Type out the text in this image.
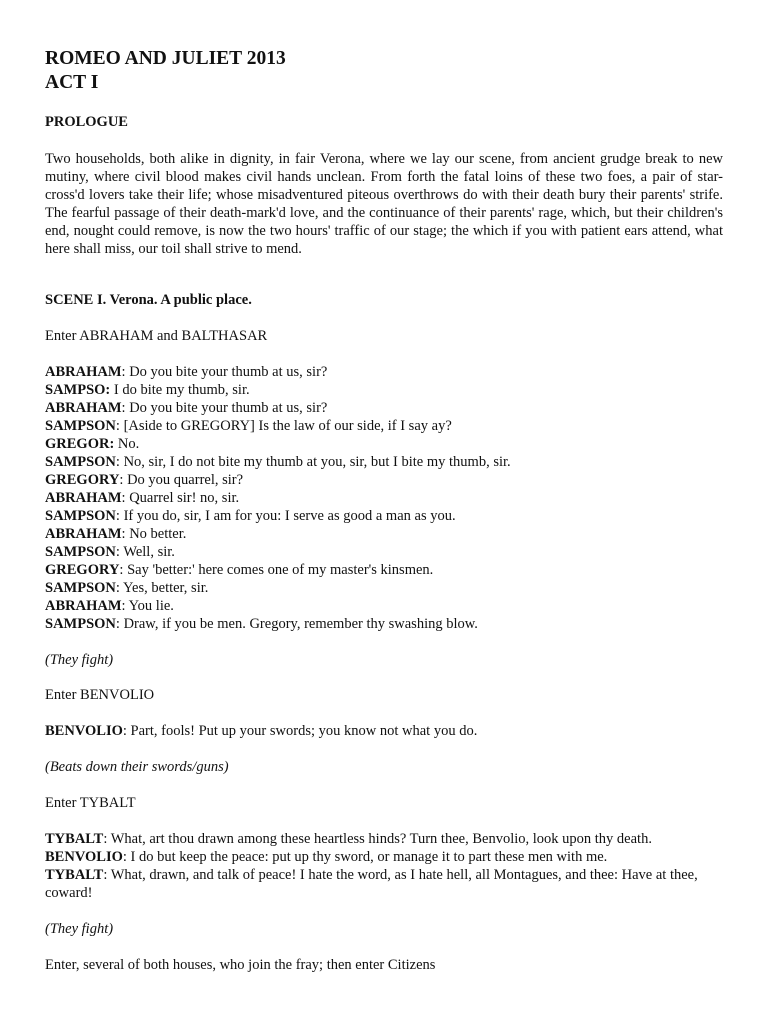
ROMEO AND JULIET 2013
ACT I

PROLOGUE

Two households, both alike in dignity, in fair Verona, where we lay our scene, from ancient grudge break to new mutiny, where civil blood makes civil hands unclean. From forth the fatal loins of these two foes, a pair of star-cross'd lovers take their life; whose misadventured piteous overthrows do with their death bury their parents' strife. The fearful passage of their death-mark'd love, and the continuance of their parents' rage, which, but their children's end, nought could remove, is now the two hours' traffic of our stage; the which if you with patient ears attend, what here shall miss, our toil shall strive to mend.

SCENE I. Verona. A public place.

Enter ABRAHAM and BALTHASAR

ABRAHAM: Do you bite your thumb at us, sir?

SAMPSO: I do bite my thumb, sir.

ABRAHAM: Do you bite your thumb at us, sir?

SAMPSON: [Aside to GREGORY] Is the law of our side, if I say ay?

GREGOR: No.

SAMPSON: No, sir, I do not bite my thumb at you, sir, but I bite my thumb, sir.

GREGORY: Do you quarrel, sir?

ABRAHAM: Quarrel sir! no, sir.

SAMPSON: If you do, sir, I am for you: I serve as good a man as you.

ABRAHAM: No better.

SAMPSON: Well, sir.

GREGORY: Say 'better:' here comes one of my master's kinsmen.

SAMPSON: Yes, better, sir.

ABRAHAM: You lie.

SAMPSON: Draw, if you be men. Gregory, remember thy swashing blow.

(They fight)

Enter BENVOLIO

BENVOLIO: Part, fools! Put up your swords; you know not what you do.

(Beats down their swords/guns)

Enter TYBALT

TYBALT: What, art thou drawn among these heartless hinds? Turn thee, Benvolio, look upon thy death.

BENVOLIO: I do but keep the peace: put up thy sword, or manage it to part these men with me.

TYBALT: What, drawn, and talk of peace! I hate the word, as I hate hell, all Montagues, and thee: Have at thee, coward!

(They fight)

Enter, several of both houses, who join the fray; then enter Citizens
